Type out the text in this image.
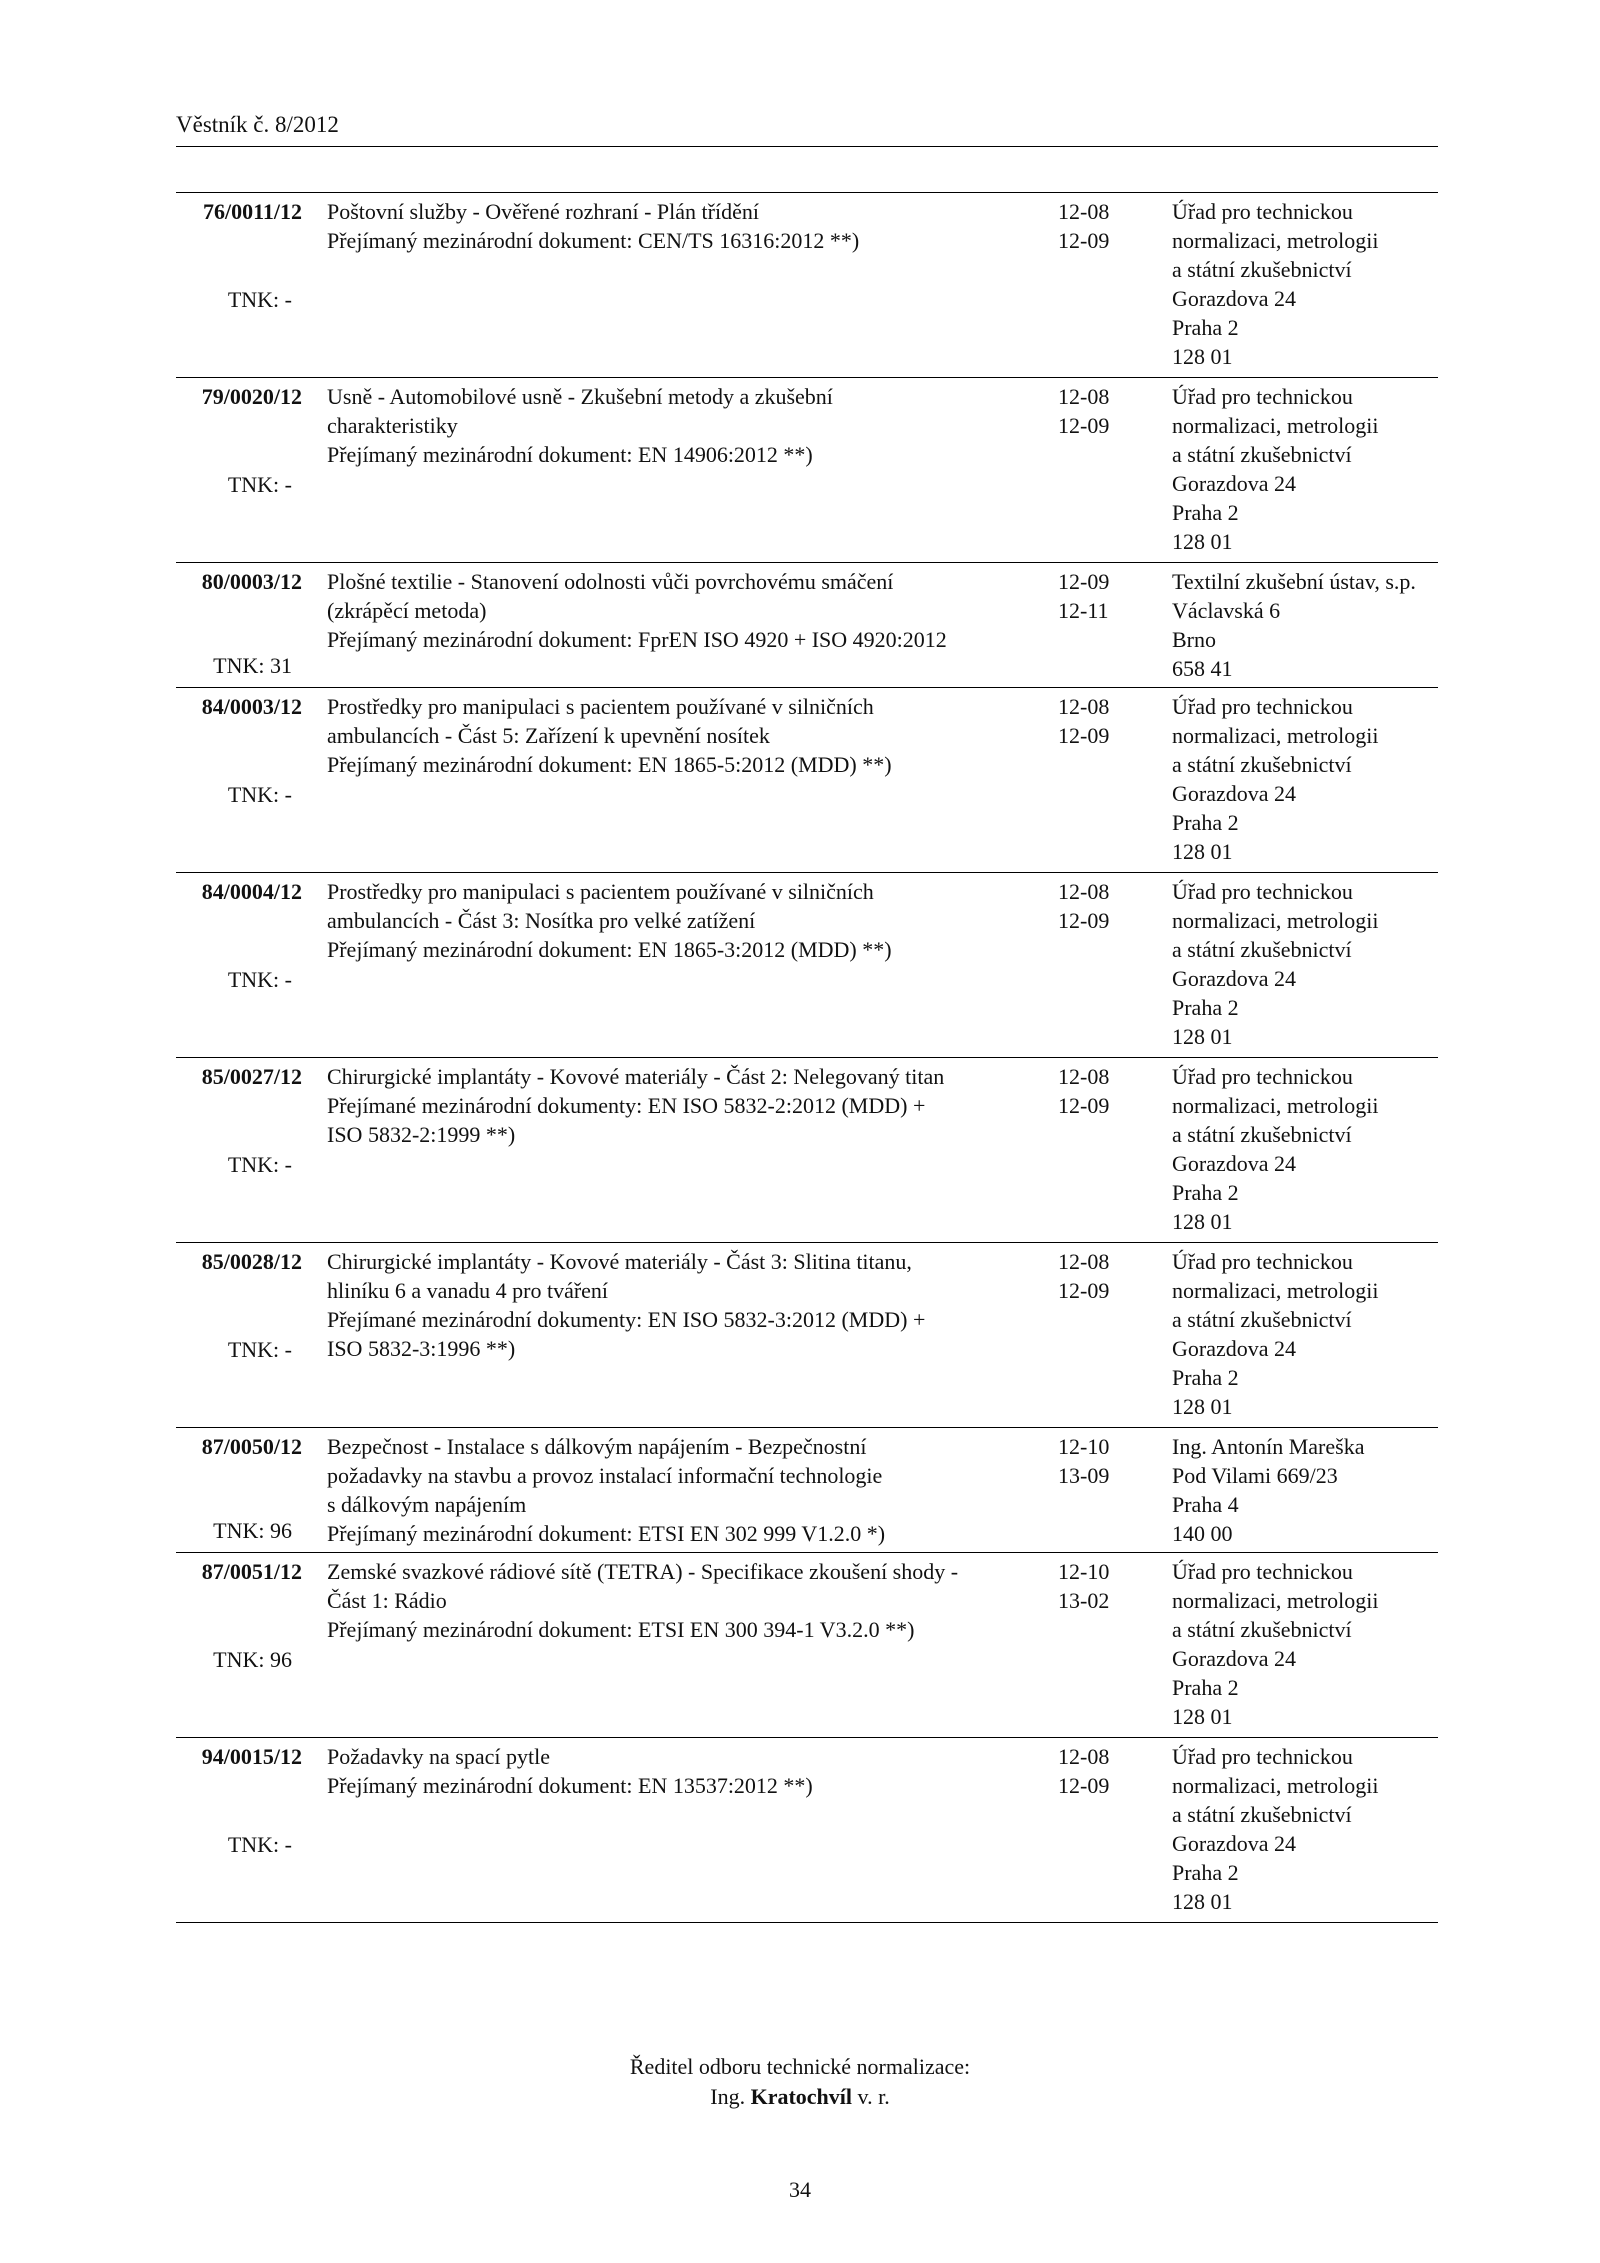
Věstník č. 8/2012
76/0011/12
TNK: -
Poštovní služby - Ověřené rozhraní - Plán třídění
Přejímaný mezinárodní dokument: CEN/TS 16316:2012 **)
12-08
12-09
Úřad pro technickou
normalizaci, metrologii
a státní zkušebnictví
Gorazdova 24
Praha 2
128 01
79/0020/12
TNK: -
Usně - Automobilové usně - Zkušební metody a zkušební
charakteristiky
Přejímaný mezinárodní dokument: EN 14906:2012 **)
12-08
12-09
Úřad pro technickou
normalizaci, metrologii
a státní zkušebnictví
Gorazdova 24
Praha 2
128 01
80/0003/12
TNK: 31
Plošné textilie - Stanovení odolnosti vůči povrchovému smáčení
(zkrápěcí metoda)
Přejímaný mezinárodní dokument: FprEN ISO 4920 + ISO 4920:2012
12-09
12-11
Textilní zkušební ústav, s.p.
Václavská 6
Brno
658 41
84/0003/12
TNK: -
Prostředky pro manipulaci s pacientem používané v silničních
ambulancích - Část 5: Zařízení k upevnění nosítek
Přejímaný mezinárodní dokument: EN 1865-5:2012 (MDD) **)
12-08
12-09
Úřad pro technickou
normalizaci, metrologii
a státní zkušebnictví
Gorazdova 24
Praha 2
128 01
84/0004/12
TNK: -
Prostředky pro manipulaci s pacientem používané v silničních
ambulancích - Část 3: Nosítka pro velké zatížení
Přejímaný mezinárodní dokument: EN 1865-3:2012 (MDD) **)
12-08
12-09
Úřad pro technickou
normalizaci, metrologii
a státní zkušebnictví
Gorazdova 24
Praha 2
128 01
85/0027/12
TNK: -
Chirurgické implantáty - Kovové materiály - Část 2: Nelegovaný titan
Přejímané mezinárodní dokumenty: EN ISO 5832-2:2012 (MDD) +
ISO 5832-2:1999 **)
12-08
12-09
Úřad pro technickou
normalizaci, metrologii
a státní zkušebnictví
Gorazdova 24
Praha 2
128 01
85/0028/12
TNK: -
Chirurgické implantáty - Kovové materiály - Část 3: Slitina titanu,
hliníku 6 a vanadu 4 pro tváření
Přejímané mezinárodní dokumenty: EN ISO 5832-3:2012 (MDD) +
ISO 5832-3:1996 **)
12-08
12-09
Úřad pro technickou
normalizaci, metrologii
a státní zkušebnictví
Gorazdova 24
Praha 2
128 01
87/0050/12
TNK: 96
Bezpečnost - Instalace s dálkovým napájením - Bezpečnostní
požadavky na stavbu a provoz instalací informační technologie
s dálkovým napájením
Přejímaný mezinárodní dokument: ETSI EN 302 999 V1.2.0 *)
12-10
13-09
Ing. Antonín Mareška
Pod Vilami 669/23
Praha 4
140 00
87/0051/12
TNK: 96
Zemské svazkové rádiové sítě (TETRA) - Specifikace zkoušení shody -
Část 1: Rádio
Přejímaný mezinárodní dokument: ETSI EN 300 394-1 V3.2.0 **)
12-10
13-02
Úřad pro technickou
normalizaci, metrologii
a státní zkušebnictví
Gorazdova 24
Praha 2
128 01
94/0015/12
TNK: -
Požadavky na spací pytle
Přejímaný mezinárodní dokument: EN 13537:2012 **)
12-08
12-09
Úřad pro technickou
normalizaci, metrologii
a státní zkušebnictví
Gorazdova 24
Praha 2
128 01
Ředitel odboru technické normalizace:
Ing. Kratochvíl v. r.
34
